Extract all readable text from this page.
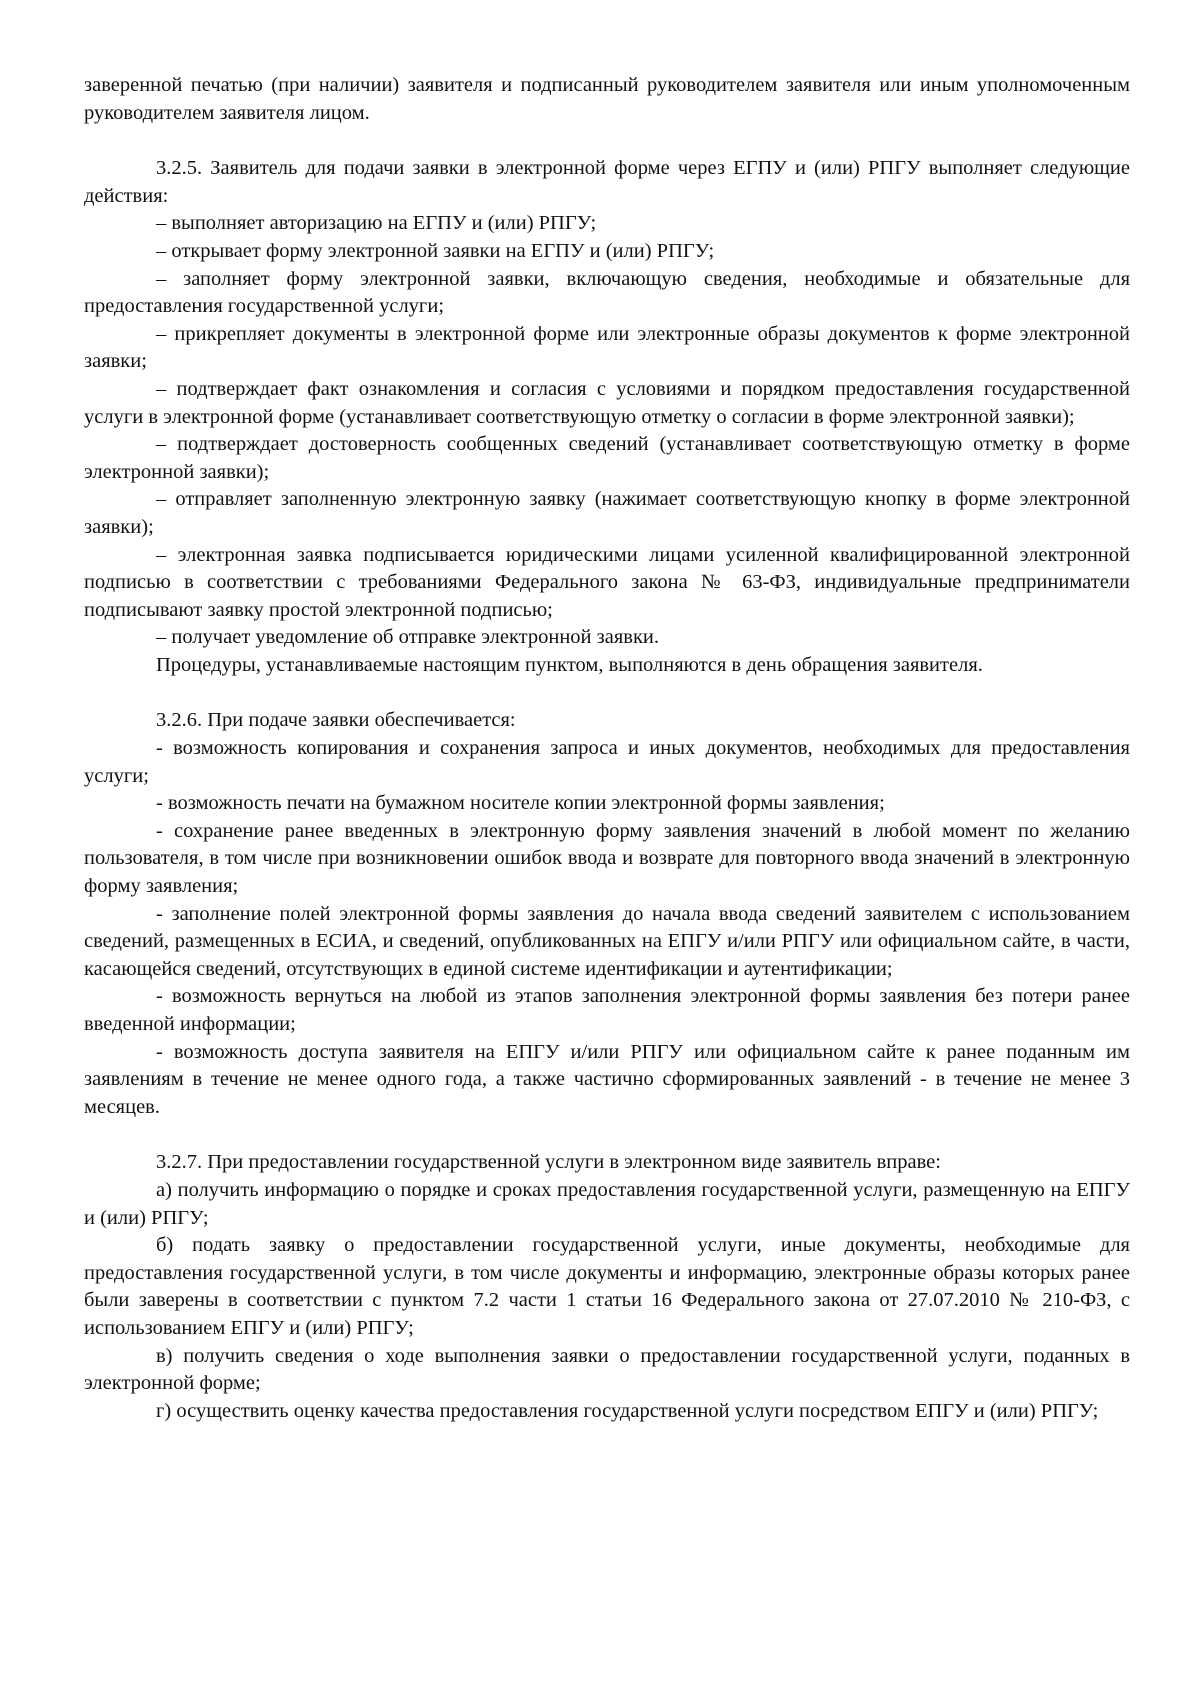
заверенной печатью (при наличии) заявителя и подписанный руководителем заявителя или иным уполномоченным руководителем заявителя лицом.

3.2.5. Заявитель для подачи заявки в электронной форме через ЕГПУ и (или) РПГУ выполняет следующие действия:

– выполняет авторизацию на ЕГПУ и (или) РПГУ;

– открывает форму электронной заявки на ЕГПУ и (или) РПГУ;

– заполняет форму электронной заявки, включающую сведения, необходимые и обязательные для предоставления государственной услуги;

– прикрепляет документы в электронной форме или электронные образы документов к форме электронной заявки;

– подтверждает факт ознакомления и согласия с условиями и порядком предоставления государственной услуги в электронной форме (устанавливает соответствующую отметку о согласии в форме электронной заявки);

– подтверждает достоверность сообщенных сведений (устанавливает соответствующую отметку в форме электронной заявки);

– отправляет заполненную электронную заявку (нажимает соответствующую кнопку в форме электронной заявки);

– электронная заявка подписывается юридическими лицами усиленной квалифицированной электронной подписью в соответствии с требованиями Федерального закона № 63-ФЗ, индивидуальные предприниматели подписывают заявку простой электронной подписью;

– получает уведомление об отправке электронной заявки.

Процедуры, устанавливаемые настоящим пунктом, выполняются в день обращения заявителя.

3.2.6. При подаче заявки обеспечивается:

- возможность копирования и сохранения запроса и иных документов, необходимых для предоставления услуги;

- возможность печати на бумажном носителе копии электронной формы заявления;

- сохранение ранее введенных в электронную форму заявления значений в любой момент по желанию пользователя, в том числе при возникновении ошибок ввода и возврате для повторного ввода значений в электронную форму заявления;

- заполнение полей электронной формы заявления до начала ввода сведений заявителем с использованием сведений, размещенных в ЕСИА, и сведений, опубликованных на ЕПГУ и/или РПГУ или официальном сайте, в части, касающейся сведений, отсутствующих в единой системе идентификации и аутентификации;

- возможность вернуться на любой из этапов заполнения электронной формы заявления без потери ранее введенной информации;

- возможность доступа заявителя на ЕПГУ и/или РПГУ или официальном сайте к ранее поданным им заявлениям в течение не менее одного года, а также частично сформированных заявлений - в течение не менее 3 месяцев.

3.2.7. При предоставлении государственной услуги в электронном виде заявитель вправе:

а) получить информацию о порядке и сроках предоставления государственной услуги, размещенную на ЕПГУ и (или) РПГУ;

б) подать заявку о предоставлении государственной услуги, иные документы, необходимые для предоставления государственной услуги, в том числе документы и информацию, электронные образы которых ранее были заверены в соответствии с пунктом 7.2 части 1 статьи 16 Федерального закона от 27.07.2010 № 210-ФЗ, с использованием ЕПГУ и (или) РПГУ;

в) получить сведения о ходе выполнения заявки о предоставлении государственной услуги, поданных в электронной форме;

г) осуществить оценку качества предоставления государственной услуги посредством ЕПГУ и (или) РПГУ;
